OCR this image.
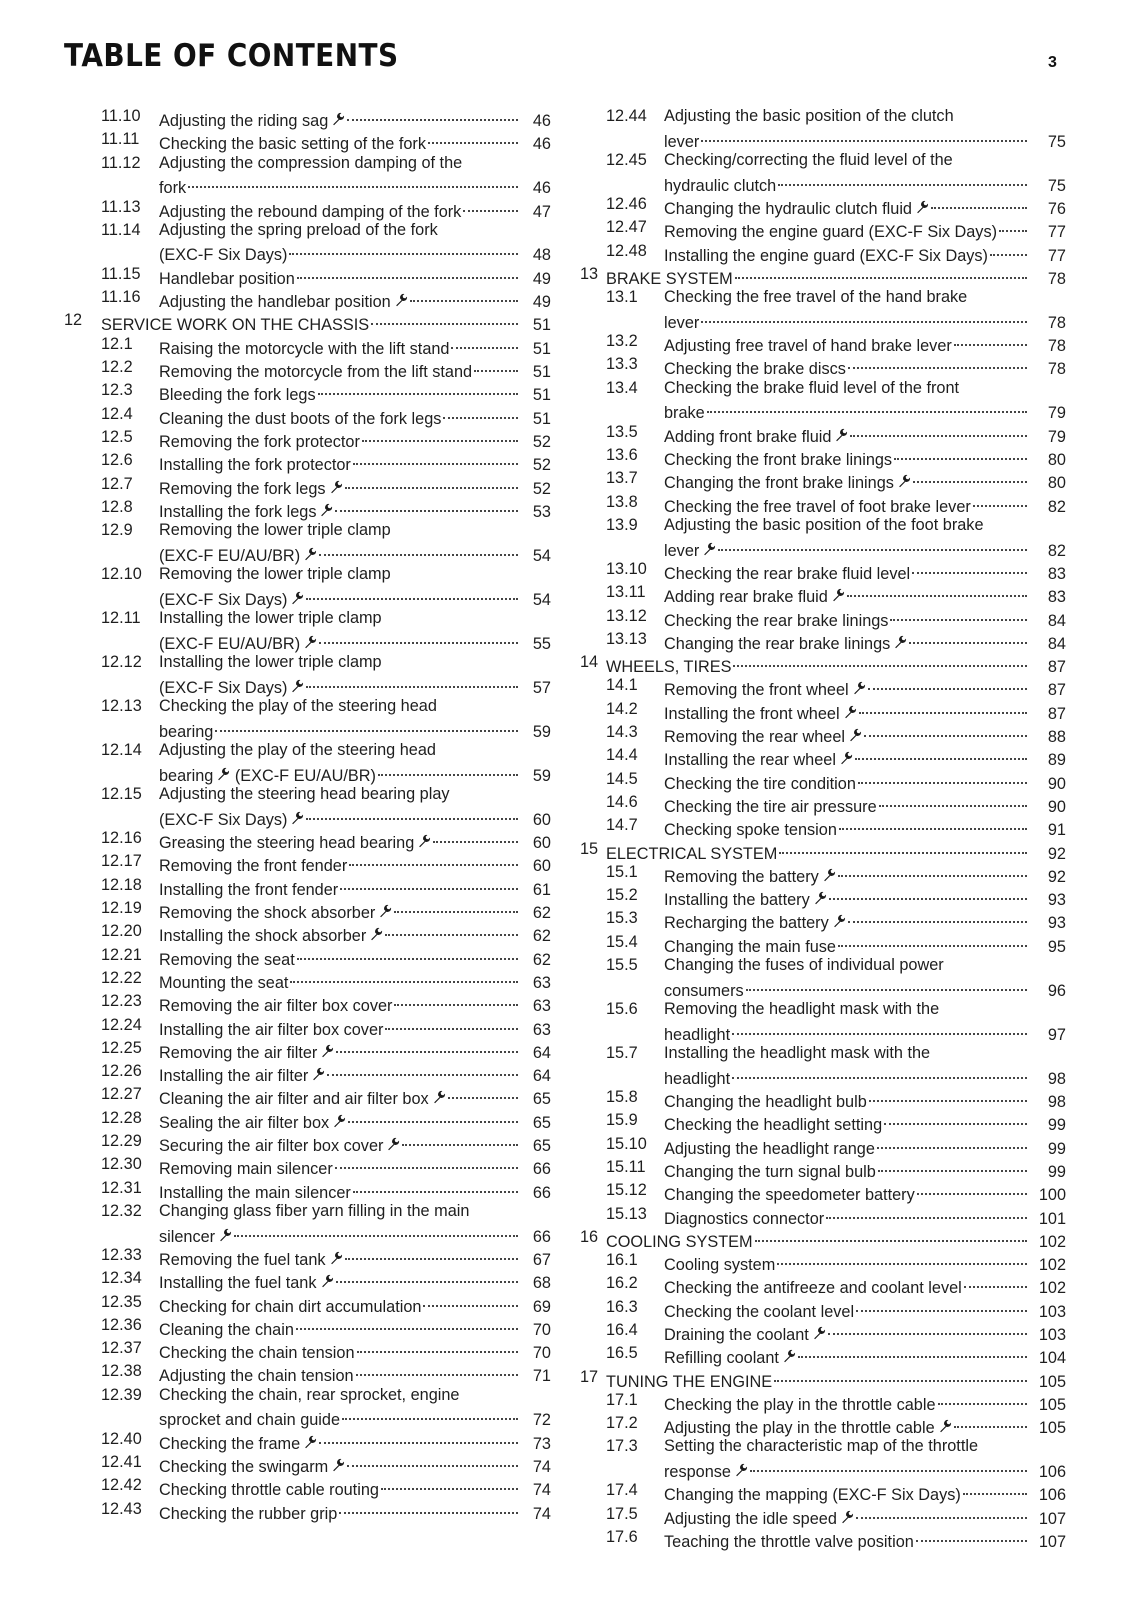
TABLE OF CONTENTS	3
11.10 Adjusting the riding sag	46
11.11 Checking the basic setting of the fork	46
11.12 Adjusting the compression damping of the
fork	46
11.13 Adjusting the rebound damping of the fork	47
11.14 Adjusting the spring preload of the fork
(EXC-F Six Days)	48
11.15 Handlebar position	49
11.16 Adjusting the handlebar position	49
12 SERVICE WORK ON THE CHASSIS	51
12.1 Raising the motorcycle with the lift stand	51
12.2 Removing the motorcycle from the lift stand	51
12.3 Bleeding the fork legs	51
12.4 Cleaning the dust boots of the fork legs	51
12.5 Removing the fork protector	52
12.6 Installing the fork protector	52
12.7 Removing the fork legs	52
12.8 Installing the fork legs	53
12.9 Removing the lower triple clamp
(EXC-F EU/AU/BR)	54
12.10 Removing the lower triple clamp
(EXC-F Six Days)	54
12.11 Installing the lower triple clamp
(EXC-F EU/AU/BR)	55
12.12 Installing the lower triple clamp
(EXC-F Six Days)	57
12.13 Checking the play of the steering head
bearing	59
12.14 Adjusting the play of the steering head
bearing
(EXC-F EU/AU/BR)	59
12.15 Adjusting the steering head bearing play
(EXC-F Six Days)	60
12.16 Greasing the steering head bearing	60
12.17 Removing the front fender	60
12.18 Installing the front fender	61
12.19 Removing the shock absorber	62
12.20 Installing the shock absorber	62
12.21 Removing the seat	62
12.22 Mounting the seat	63
12.23 Removing the air filter box cover	63
12.24 Installing the air filter box cover	63
12.25 Removing the air filter	64
12.26 Installing the air filter	64
12.27 Cleaning the air filter and air filter box	65
12.28 Sealing the air filter box	65
12.29 Securing the air filter box cover	65
12.30 Removing main silencer	66
12.31 Installing the main silencer	66
12.32 Changing glass fiber yarn filling in the main
silencer	66
12.33 Removing the fuel tank	67
12.34 Installing the fuel tank	68
12.35 Checking for chain dirt accumulation	69
12.36 Cleaning the chain	70
12.37 Checking the chain tension	70
12.38 Adjusting the chain tension	71
12.39 Checking the chain, rear sprocket, engine
sprocket and chain guide	72
12.40 Checking the frame	73
12.41 Checking the swingarm	74
12.42 Checking throttle cable routing	74
12.43 Checking the rubber grip	74
12.44 Adjusting the basic position of the clutch
lever	75
12.45 Checking/correcting the fluid level of the
hydraulic clutch	75
12.46 Changing the hydraulic clutch fluid	76
12.47 Removing the engine guard (EXC-F Six Days)	77
12.48 Installing the engine guard (EXC-F Six Days)	77
13 BRAKE SYSTEM	78
13.1 Checking the free travel of the hand brake
lever	78
13.2 Adjusting free travel of hand brake lever	78
13.3 Checking the brake discs	78
13.4 Checking the brake fluid level of the front
brake	79
13.5 Adding front brake fluid	79
13.6 Checking the front brake linings	80
13.7 Changing the front brake linings	80
13.8 Checking the free travel of foot brake lever	82
13.9 Adjusting the basic position of the foot brake
lever	82
13.10 Checking the rear brake fluid level	83
13.11 Adding rear brake fluid	83
13.12 Checking the rear brake linings	84
13.13 Changing the rear brake linings	84
14 WHEELS, TIRES	87
14.1 Removing the front wheel	87
14.2 Installing the front wheel	87
14.3 Removing the rear wheel	88
14.4 Installing the rear wheel	89
14.5 Checking the tire condition	90
14.6 Checking the tire air pressure	90
14.7 Checking spoke tension	91
15 ELECTRICAL SYSTEM	92
15.1 Removing the battery	92
15.2 Installing the battery	93
15.3 Recharging the battery	93
15.4 Changing the main fuse	95
15.5 Changing the fuses of individual power
consumers	96
15.6 Removing the headlight mask with the
headlight	97
15.7 Installing the headlight mask with the
headlight	98
15.8 Changing the headlight bulb	98
15.9 Checking the headlight setting	99
15.10 Adjusting the headlight range	99
15.11 Changing the turn signal bulb	99
15.12 Changing the speedometer battery	100
15.13 Diagnostics connector	101
16 COOLING SYSTEM	102
16.1 Cooling system	102
16.2 Checking the antifreeze and coolant level	102
16.3 Checking the coolant level	103
16.4 Draining the coolant	103
16.5 Refilling coolant	104
17 TUNING THE ENGINE	105
17.1 Checking the play in the throttle cable	105
17.2 Adjusting the play in the throttle cable	105
17.3 Setting the characteristic map of the throttle
response	106
17.4 Changing the mapping (EXC-F Six Days)	106
17.5 Adjusting the idle speed	107
17.6 Teaching the throttle valve position	107
